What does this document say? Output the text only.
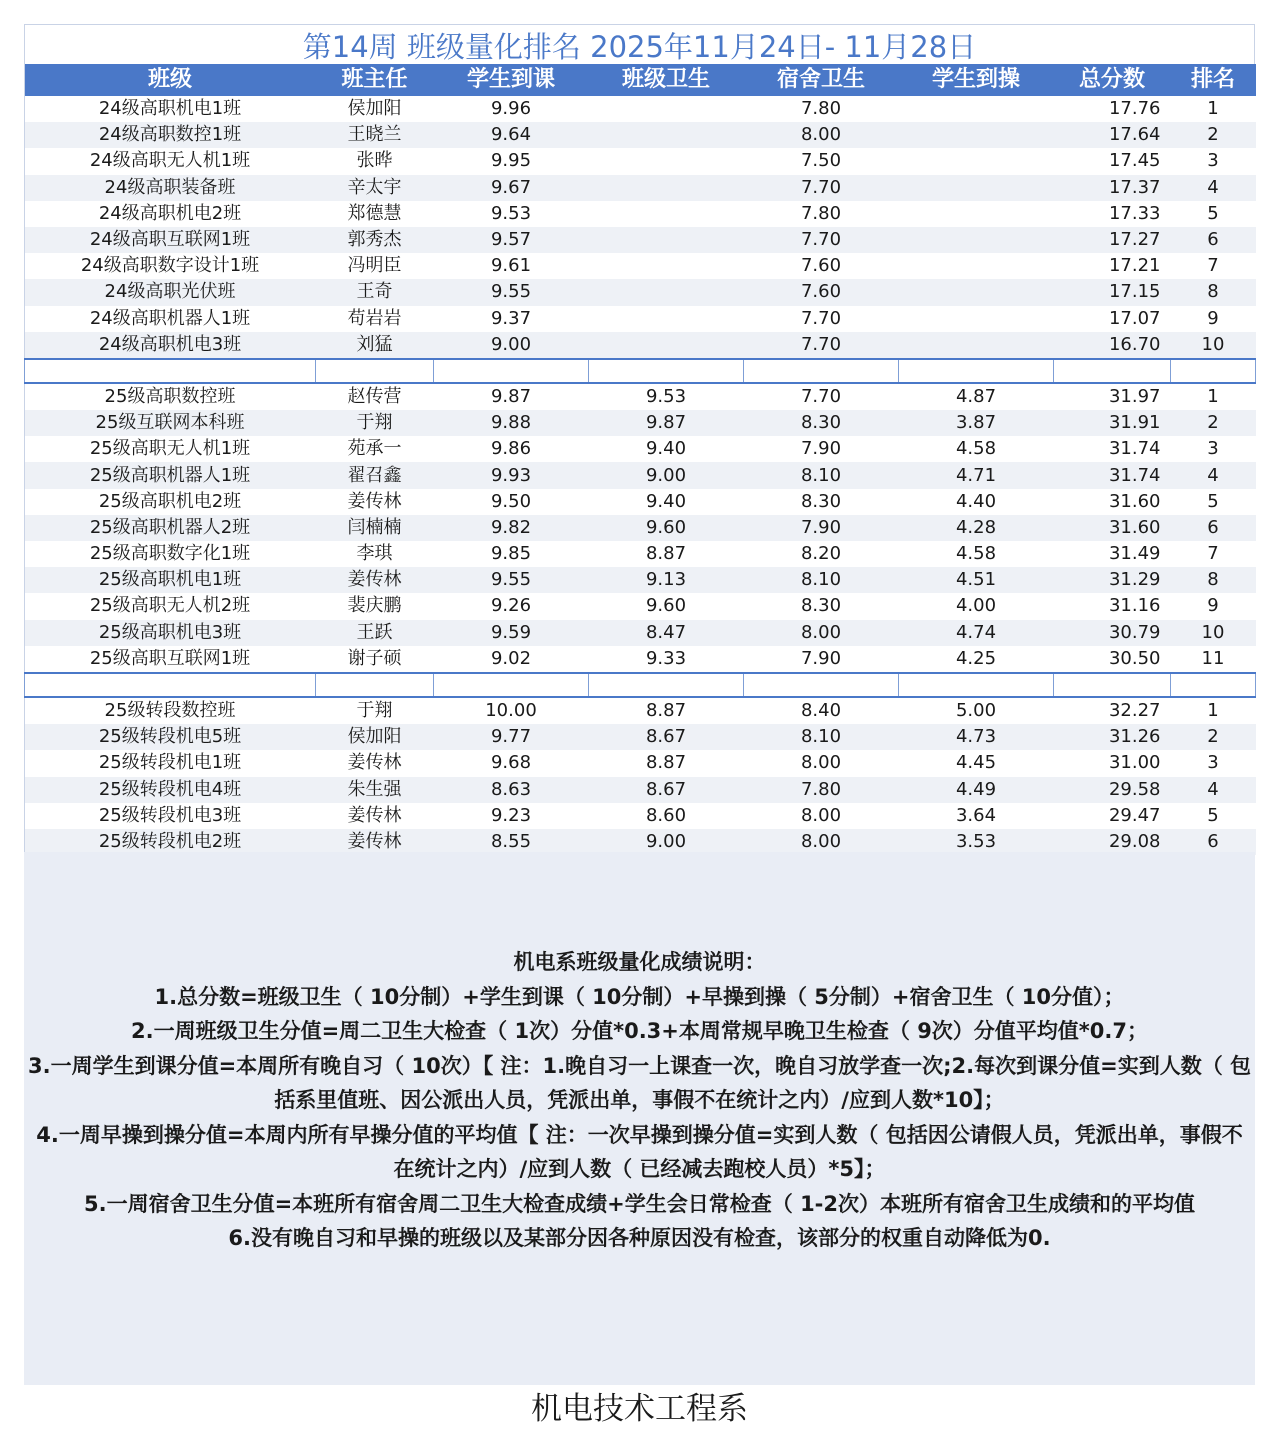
第14周 班级量化排名 2025年11月24日- 11月28日
班级	班主任	学生到课	班级卫生	宿舍卫生	学生到操	总分数	排名
24级高职机电1班	侯加阳	9.96		7.80		17.76	1
24级高职数控1班	王晓兰	9.64		8.00		17.64	2
24级高职无人机1班	张晔	9.95		7.50		17.45	3
24级高职装备班	辛太宇	9.67		7.70		17.37	4
24级高职机电2班	郑德慧	9.53		7.80		17.33	5
24级高职互联网1班	郭秀杰	9.57		7.70		17.27	6
24级高职数字设计1班	冯明臣	9.61		7.60		17.21	7
24级高职光伏班	王奇	9.55		7.60		17.15	8
24级高职机器人1班	苟岩岩	9.37		7.70		17.07	9
24级高职机电3班	刘猛	9.00		7.70		16.70	10

25级高职数控班	赵传营	9.87	9.53	7.70	4.87	31.97	1
25级互联网本科班	于翔	9.88	9.87	8.30	3.87	31.91	2
25级高职无人机1班	苑承一	9.86	9.40	7.90	4.58	31.74	3
25级高职机器人1班	翟召鑫	9.93	9.00	8.10	4.71	31.74	4
25级高职机电2班	姜传林	9.50	9.40	8.30	4.40	31.60	5
25级高职机器人2班	闫楠楠	9.82	9.60	7.90	4.28	31.60	6
25级高职数字化1班	李琪	9.85	8.87	8.20	4.58	31.49	7
25级高职机电1班	姜传林	9.55	9.13	8.10	4.51	31.29	8
25级高职无人机2班	裴庆鹏	9.26	9.60	8.30	4.00	31.16	9
25级高职机电3班	王跃	9.59	8.47	8.00	4.74	30.79	10
25级高职互联网1班	谢子硕	9.02	9.33	7.90	4.25	30.50	11

25级转段数控班	于翔	10.00	8.87	8.40	5.00	32.27	1
25级转段机电5班	侯加阳	9.77	8.67	8.10	4.73	31.26	2
25级转段机电1班	姜传林	9.68	8.87	8.00	4.45	31.00	3
25级转段机电4班	朱生强	8.63	8.67	7.80	4.49	29.58	4
25级转段机电3班	姜传林	9.23	8.60	8.00	3.64	29.47	5
25级转段机电2班	姜传林	8.55	9.00	8.00	3.53	29.08	6
机电系班级量化成绩说明：
1.总分数=班级卫生（ 10分制）+学生到课（ 10分制）+早操到操（ 5分制）+宿舍卫生（ 10分值）；
2.一周班级卫生分值=周二卫生大检查（ 1次）分值*0.3+本周常规早晚卫生检查（ 9次）分值平均值*0.7；
3.一周学生到课分值=本周所有晚自习（ 10次）【 注：1.晚自习一上课查一次，晚自习放学查一次;2.每次到课分值=实到人数（ 包括系里值班、因公派出人员，凭派出单，事假不在统计之内）/应到人数*10】；
4.一周早操到操分值=本周内所有早操分值的平均值【 注：一次早操到操分值=实到人数（ 包括因公请假人员，凭派出单，事假不在统计之内）/应到人数（ 已经减去跑校人员）*5】；
5.一周宿舍卫生分值=本班所有宿舍周二卫生大检查成绩+学生会日常检查（ 1-2次）本班所有宿舍卫生成绩和的平均值
6.没有晚自习和早操的班级以及某部分因各种原因没有检查，该部分的权重自动降低为0.
机电技术工程系
